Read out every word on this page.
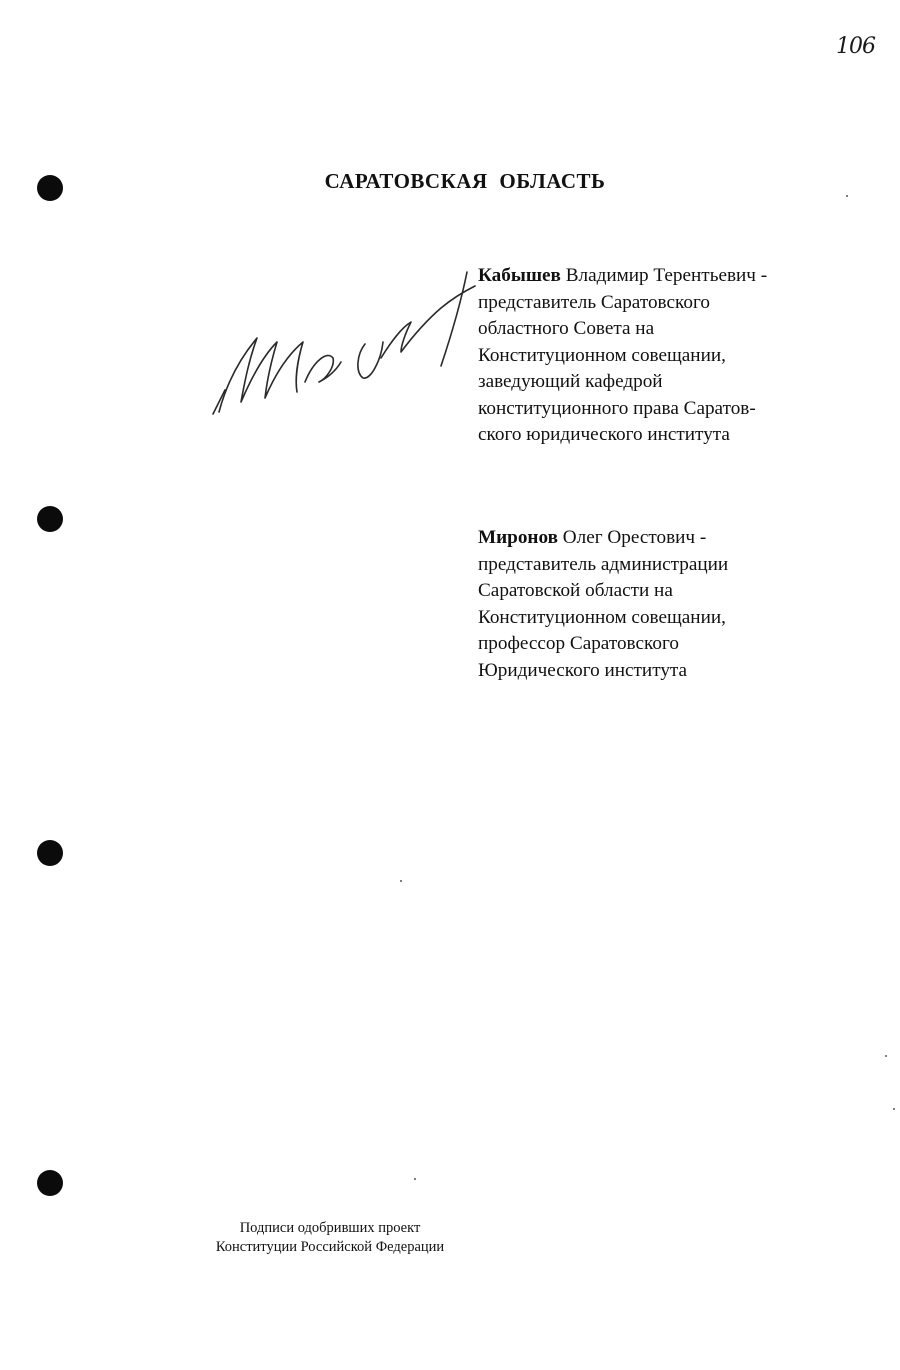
106
САРАТОВСКАЯ ОБЛАСТЬ
Кабышев Владимир Терентьевич -
представитель Саратовского
областного Совета на
Конституционном совещании,
заведующий кафедрой
конституционного права Саратов-
ского юридического института
Миронов Олег Орестович -
представитель администрации
Саратовской области на
Конституционном совещании,
профессор Саратовского
Юридического института
Подписи одобривших проект
Конституции Российской Федерации
